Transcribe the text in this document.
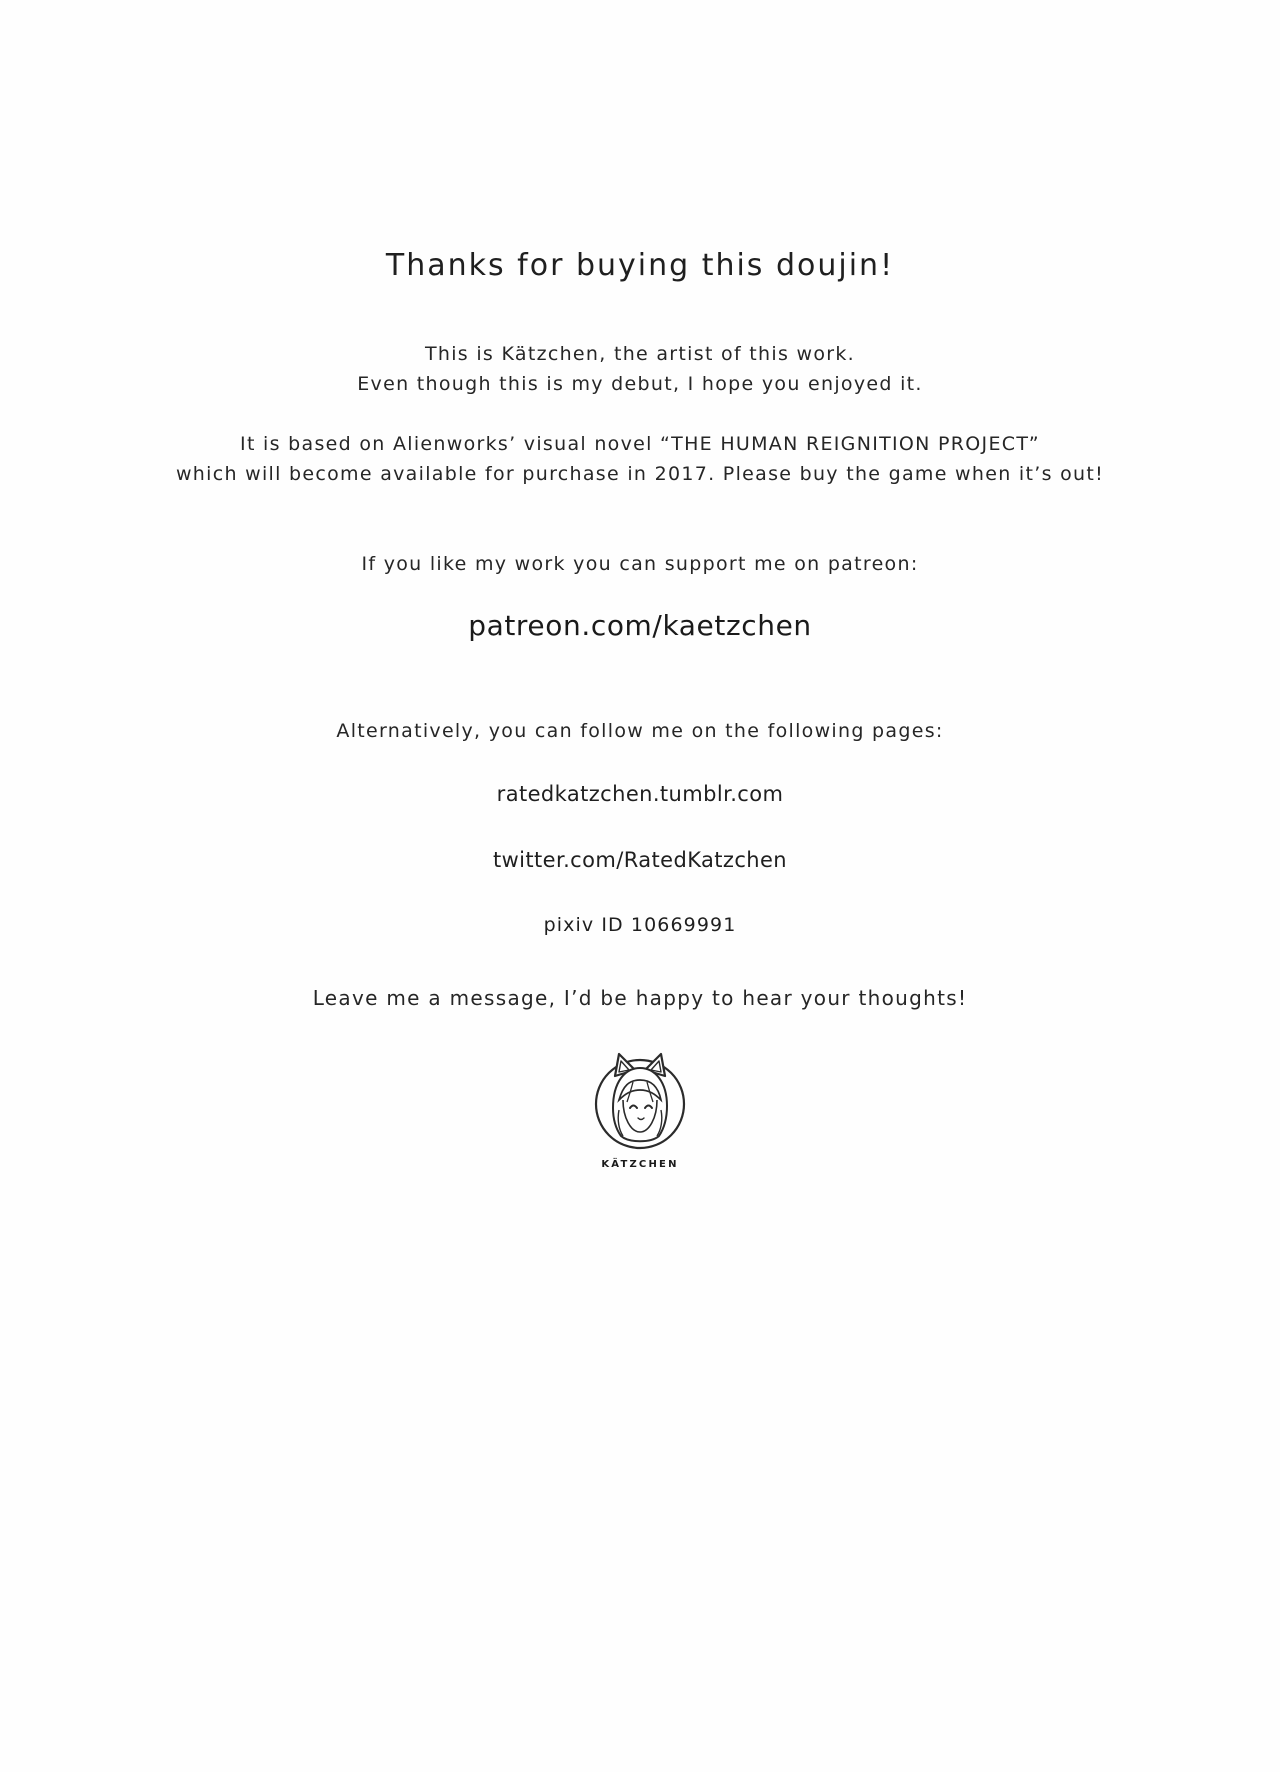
Thanks for buying this doujin!

This is Kätzchen, the artist of this work.
Even though this is my debut, I hope you enjoyed it.

It is based on Alienworks’ visual novel “THE HUMAN REIGNITION PROJECT”
which will become available for purchase in 2017. Please buy the game when it’s out!

If you like my work you can support me on patreon:

patreon.com/kaetzchen

Alternatively, you can follow me on the following pages:

ratedkatzchen.tumblr.com

twitter.com/RatedKatzchen

pixiv ID 10669991

Leave me a message, I’d be happy to hear your thoughts!

KÄTZCHEN
